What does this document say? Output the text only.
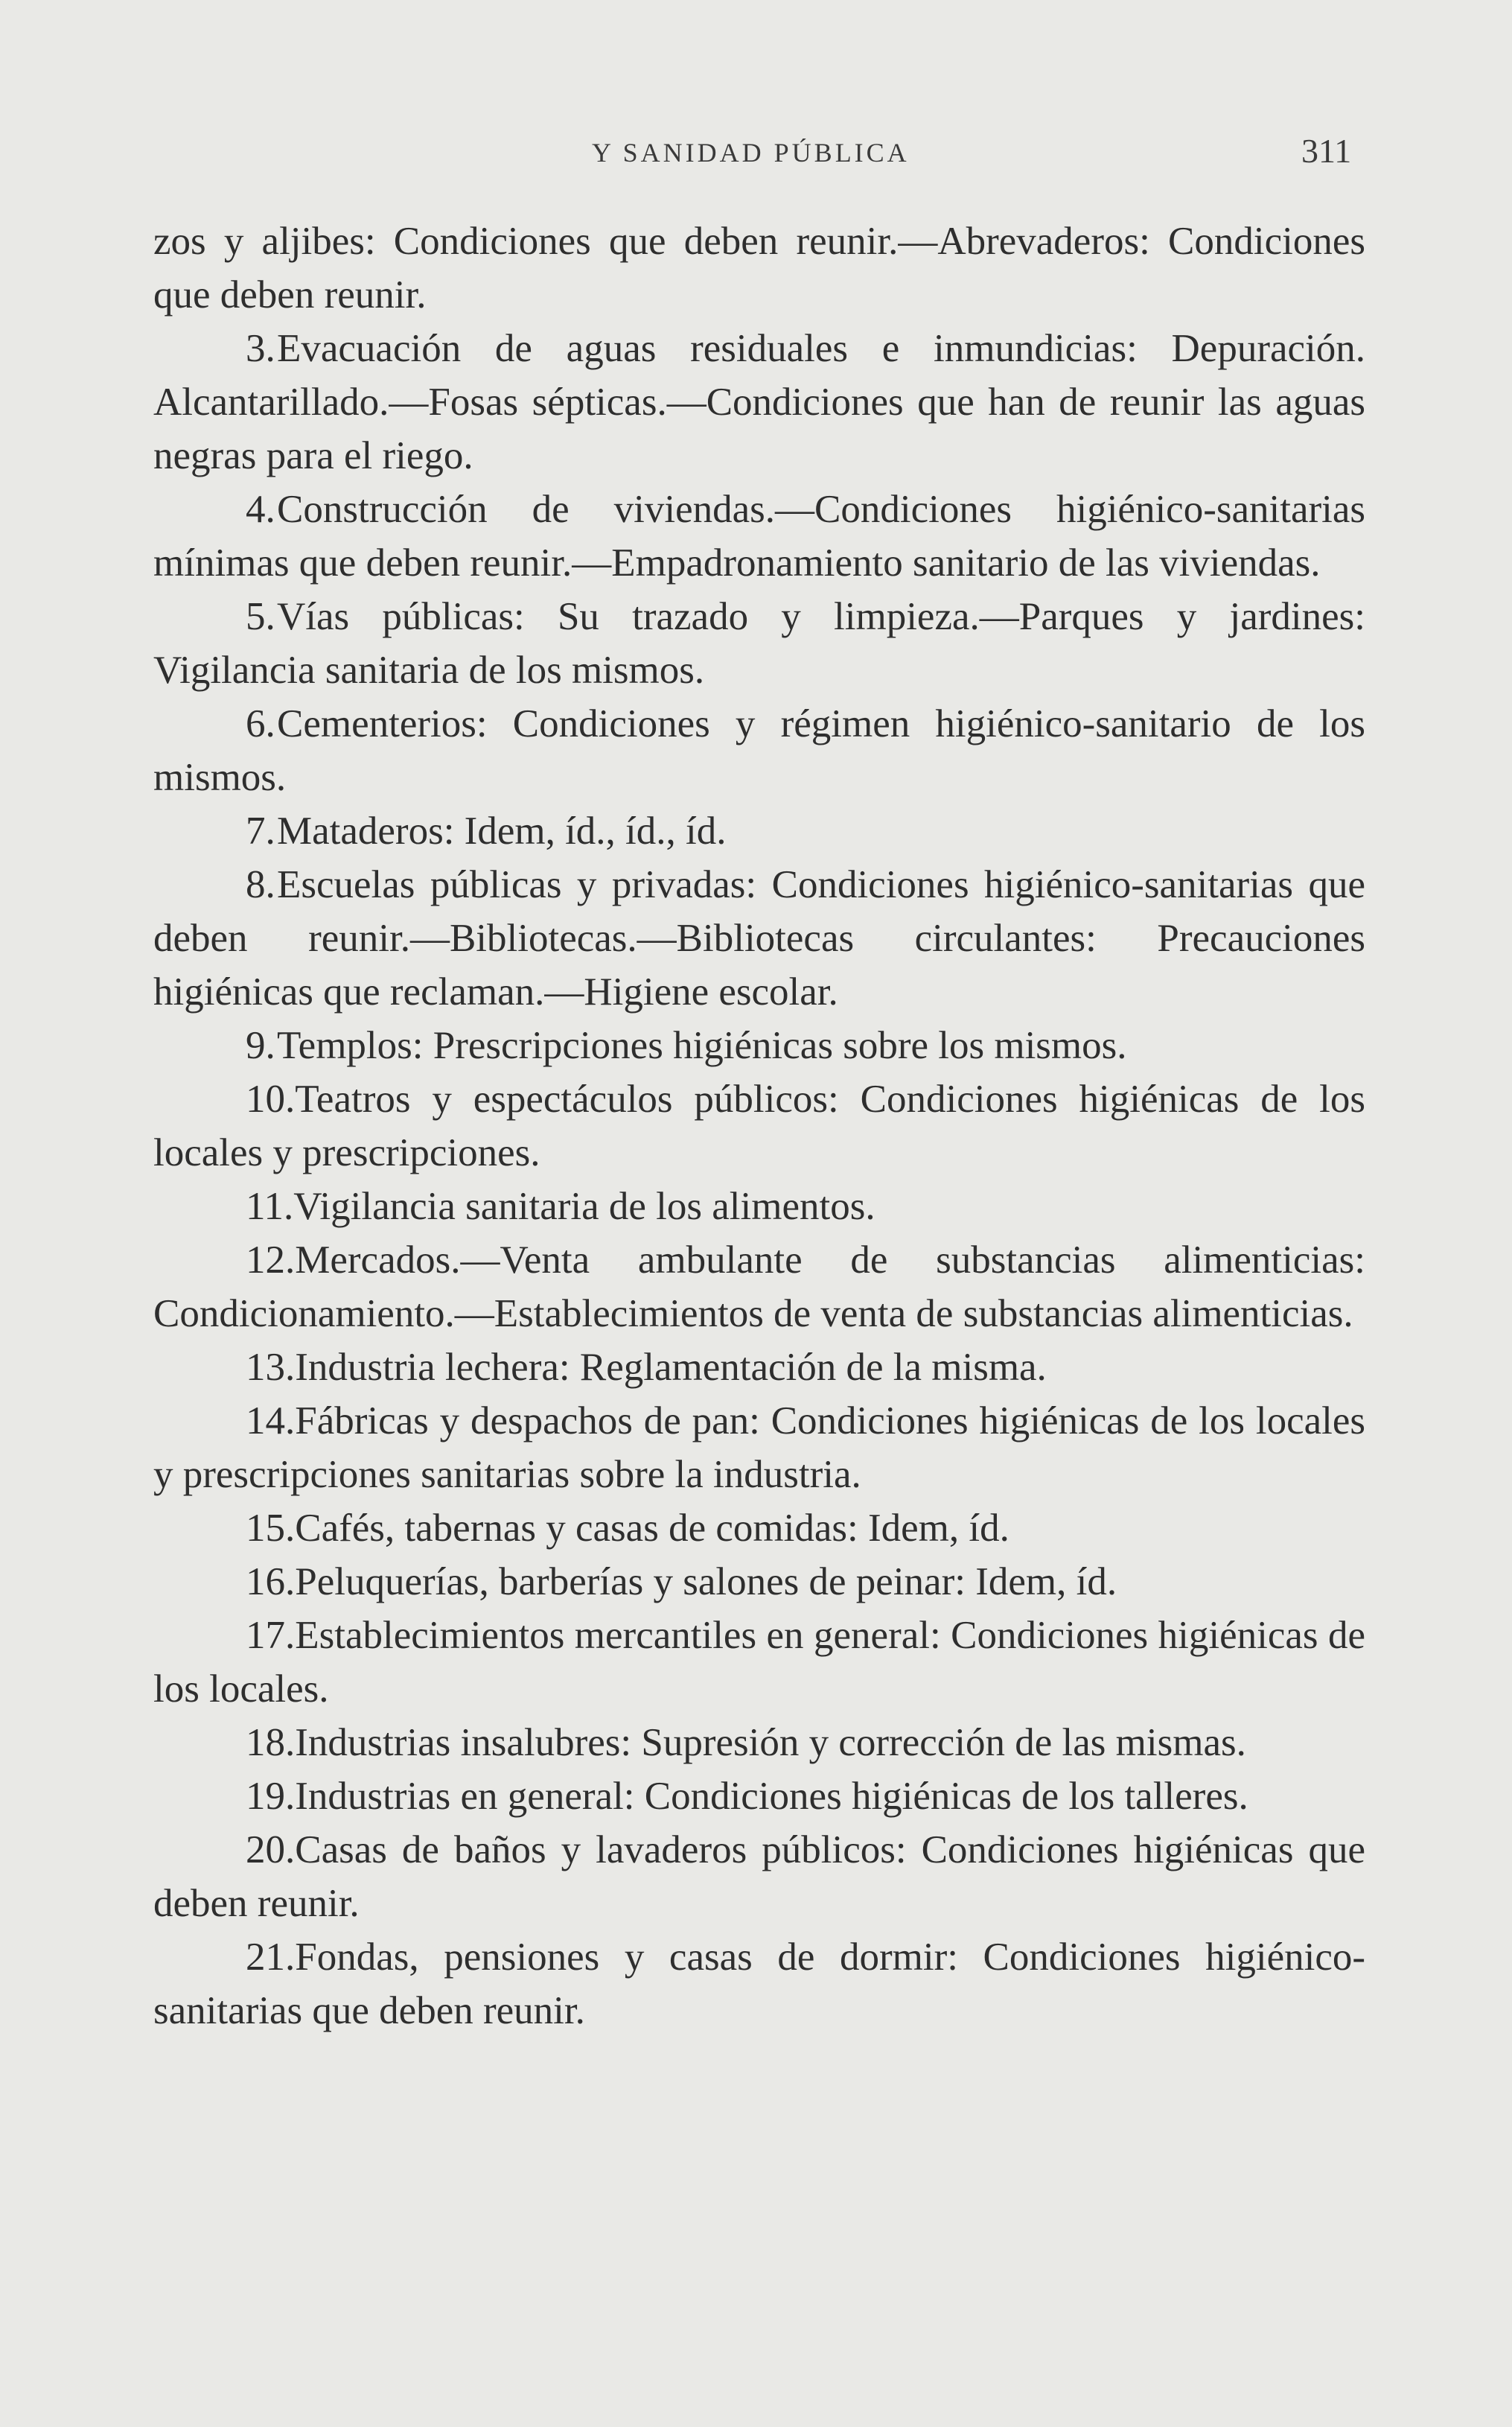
Y SANIDAD PÚBLICA	311

zos y aljibes: Condiciones que deben reunir.—Abrevaderos: Condiciones que deben reunir.

3.Evacuación de aguas residuales e inmundicias: Depuración. Alcantarillado.—Fosas sépticas.—Condiciones que han de reunir las aguas negras para el riego.

4.Construcción de viviendas.—Condiciones higiénico-sanitarias mínimas que deben reunir.—Empadronamiento sanitario de las viviendas.

5.Vías públicas: Su trazado y limpieza.—Parques y jardines: Vigilancia sanitaria de los mismos.

6.Cementerios: Condiciones y régimen higiénico-sanitario de los mismos.

7.Mataderos: Idem, íd., íd., íd.

8.Escuelas públicas y privadas: Condiciones higiénico-sanitarias que deben reunir.—Bibliotecas.—Bibliotecas circulantes: Precauciones higiénicas que reclaman.—Higiene escolar.

9.Templos: Prescripciones higiénicas sobre los mismos.

10.Teatros y espectáculos públicos: Condiciones higiénicas de los locales y prescripciones.

11.Vigilancia sanitaria de los alimentos.

12.Mercados.—Venta ambulante de substancias alimenticias: Condicionamiento.—Establecimientos de venta de substancias alimenticias.

13.Industria lechera: Reglamentación de la misma.

14.Fábricas y despachos de pan: Condiciones higiénicas de los locales y prescripciones sanitarias sobre la industria.

15.Cafés, tabernas y casas de comidas: Idem, íd.

16.Peluquerías, barberías y salones de peinar: Idem, íd.

17.Establecimientos mercantiles en general: Condiciones higiénicas de los locales.

18.Industrias insalubres: Supresión y corrección de las mismas.

19.Industrias en general: Condiciones higiénicas de los talleres.

20.Casas de baños y lavaderos públicos: Condiciones higiénicas que deben reunir.

21.Fondas, pensiones y casas de dormir: Condiciones higiénico-sanitarias que deben reunir.
